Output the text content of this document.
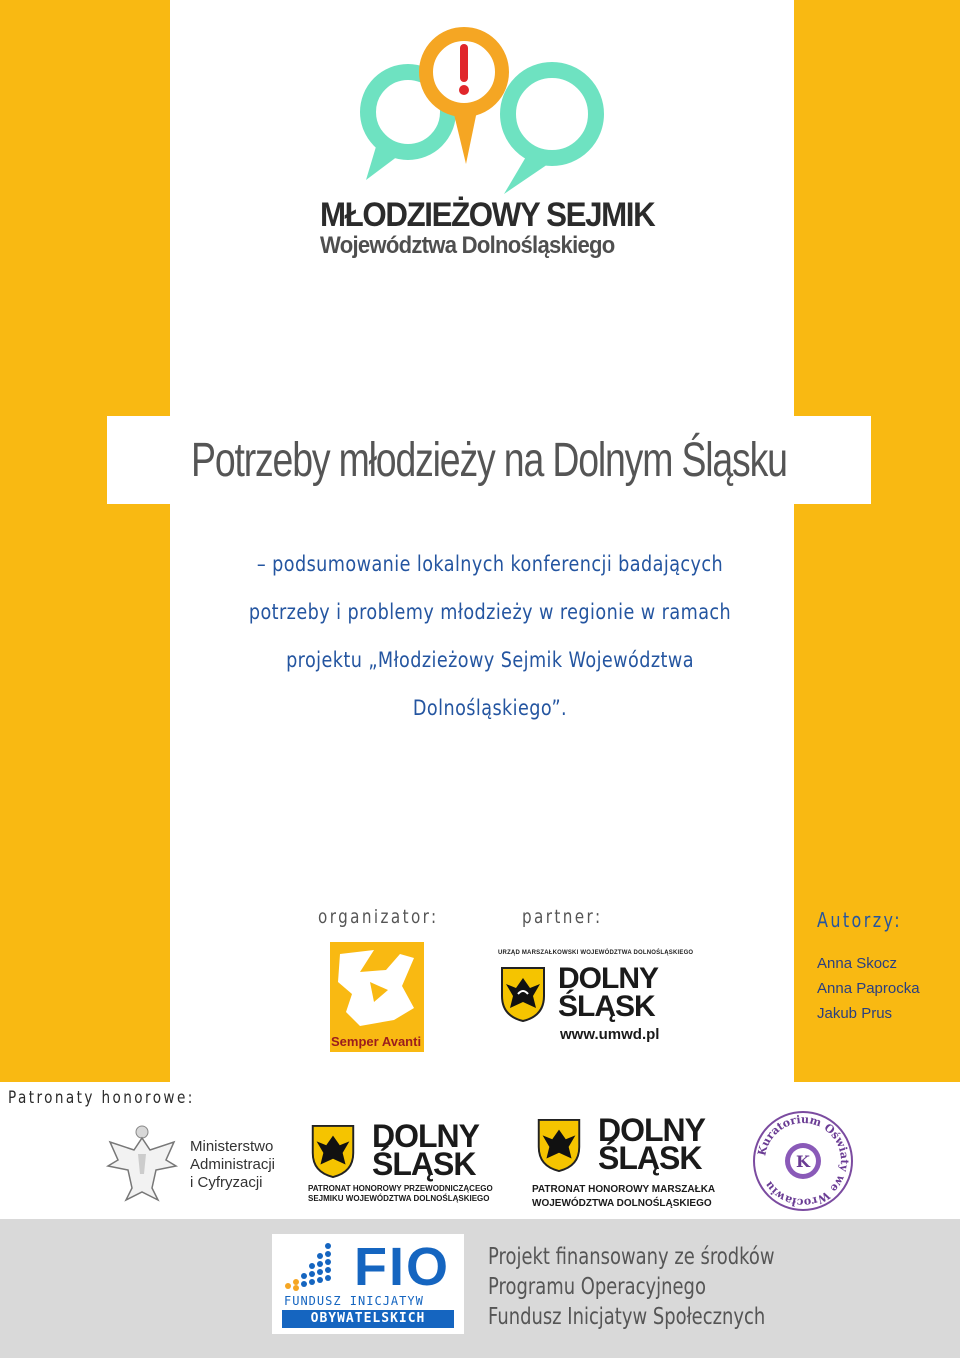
MŁODZIEŻOWY SEJMIK
Województwa Dolnośląskiego
Potrzeby młodzieży na Dolnym Śląsku
– podsumowanie lokalnych konferencji badających
potrzeby i problemy młodzieży w regionie w ramach
projektu „Młodzieżowy Sejmik Województwa
Dolnośląskiego”.
organizator:	partner:	Autorzy:
Anna Skocz
Anna Paprocka
Jakub Prus
Semper Avanti
URZĄD MARSZAŁKOWSKI WOJEWÓDZTWA DOLNOŚLĄSKIEGO
DOLNY
ŚLĄSK
www.umwd.pl
Patronaty honorowe:
Ministerstwo
Administracji
i Cyfryzacji
DOLNY
ŚLĄSK
PATRONAT HONOROWY PRZEWODNICZĄCEGO
SEJMIKU WOJEWÓDZTWA DOLNOŚLĄSKIEGO
DOLNY
ŚLĄSK
PATRONAT HONOROWY MARSZAŁKA
WOJEWÓDZTWA DOLNOŚLĄSKIEGO
Kuratorium Oświaty we Wrocławiu
K
FIO
FUNDUSZ INICJATYW
OBYWATELSKICH
Projekt finansowany ze środków
Programu Operacyjnego
Fundusz Inicjatyw Społecznych
